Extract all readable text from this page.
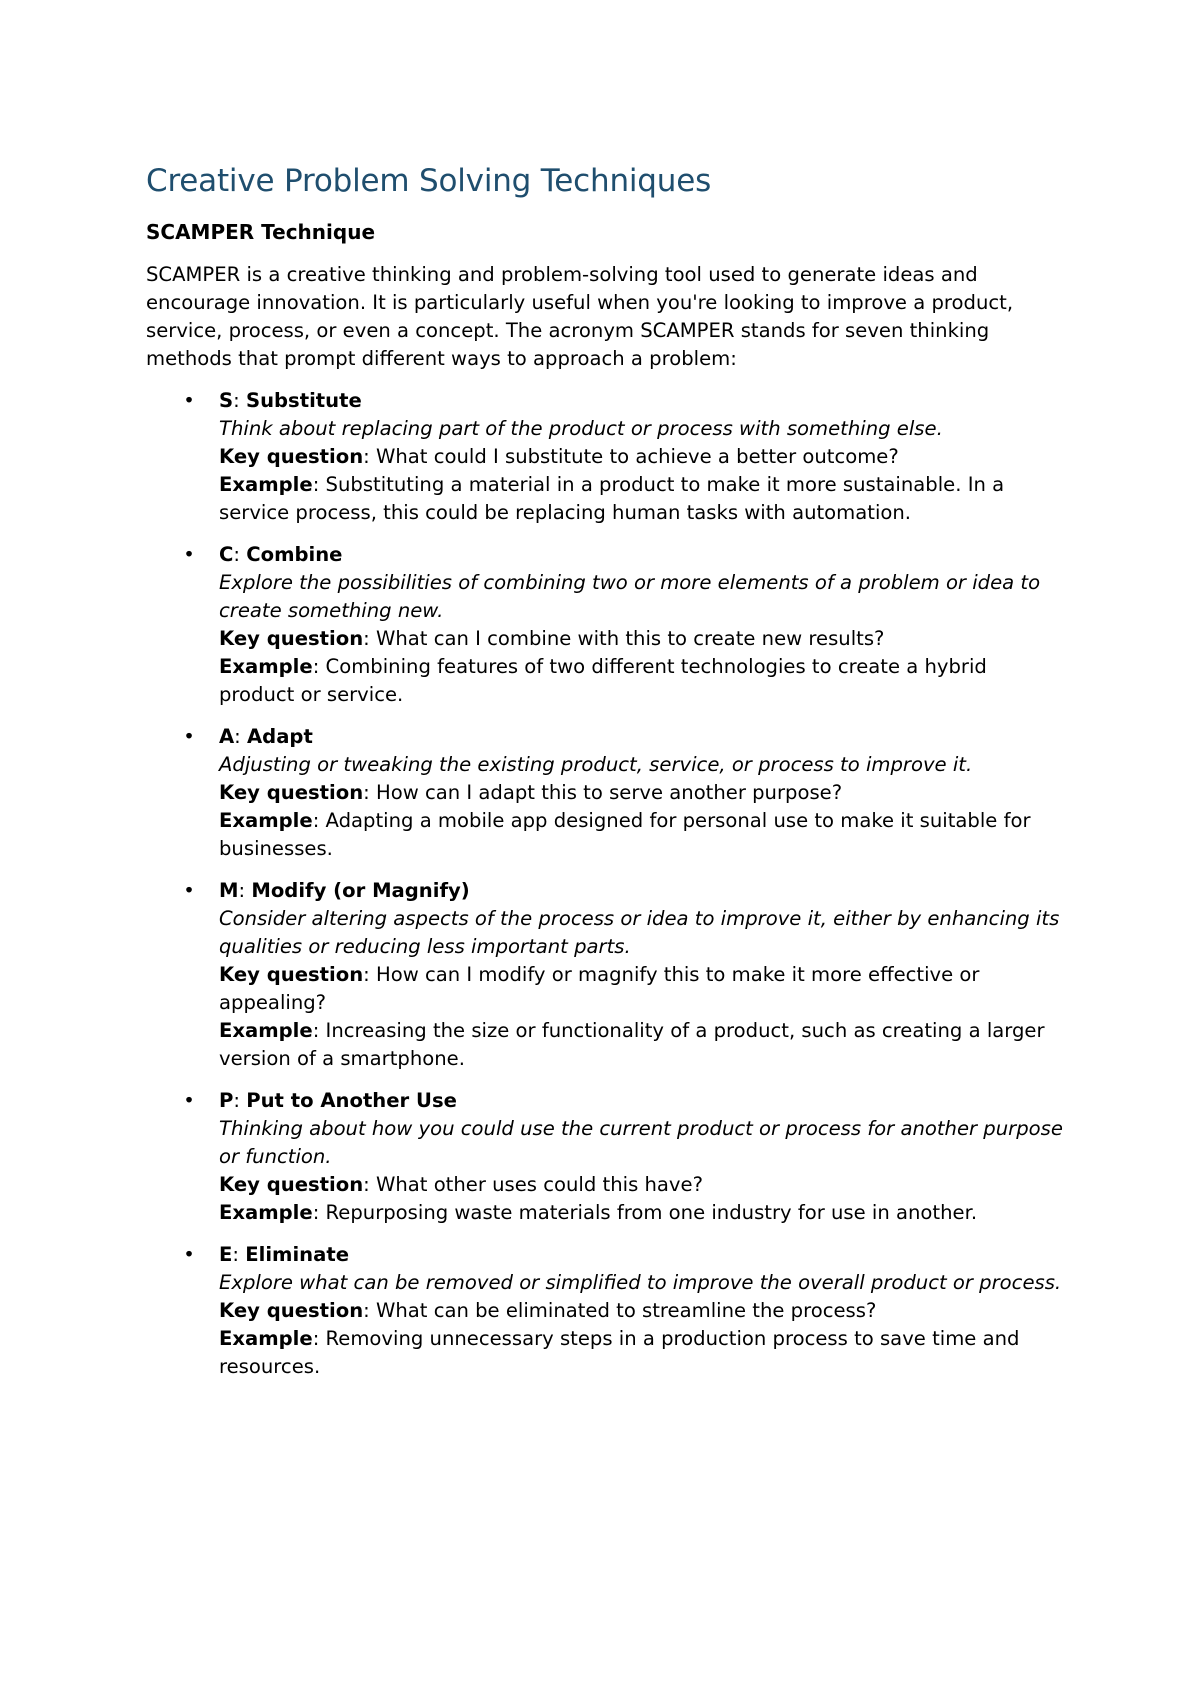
Creative Problem Solving Techniques
SCAMPER Technique

SCAMPER is a creative thinking and problem-solving tool used to generate ideas and encourage innovation. It is particularly useful when you're looking to improve a product, service, process, or even a concept. The acronym SCAMPER stands for seven thinking methods that prompt different ways to approach a problem:

• S: Substitute
Think about replacing part of the product or process with something else.
Key question: What could I substitute to achieve a better outcome?
Example: Substituting a material in a product to make it more sustainable. In a service process, this could be replacing human tasks with automation.
• C: Combine
Explore the possibilities of combining two or more elements of a problem or idea to create something new.
Key question: What can I combine with this to create new results?
Example: Combining features of two different technologies to create a hybrid product or service.
• A: Adapt
Adjusting or tweaking the existing product, service, or process to improve it.
Key question: How can I adapt this to serve another purpose?
Example: Adapting a mobile app designed for personal use to make it suitable for businesses.
• M: Modify (or Magnify)
Consider altering aspects of the process or idea to improve it, either by enhancing its qualities or reducing less important parts.
Key question: How can I modify or magnify this to make it more effective or appealing?
Example: Increasing the size or functionality of a product, such as creating a larger version of a smartphone.
• P: Put to Another Use
Thinking about how you could use the current product or process for another purpose or function.
Key question: What other uses could this have?
Example: Repurposing waste materials from one industry for use in another.
• E: Eliminate
Explore what can be removed or simplified to improve the overall product or process.
Key question: What can be eliminated to streamline the process?
Example: Removing unnecessary steps in a production process to save time and resources.
